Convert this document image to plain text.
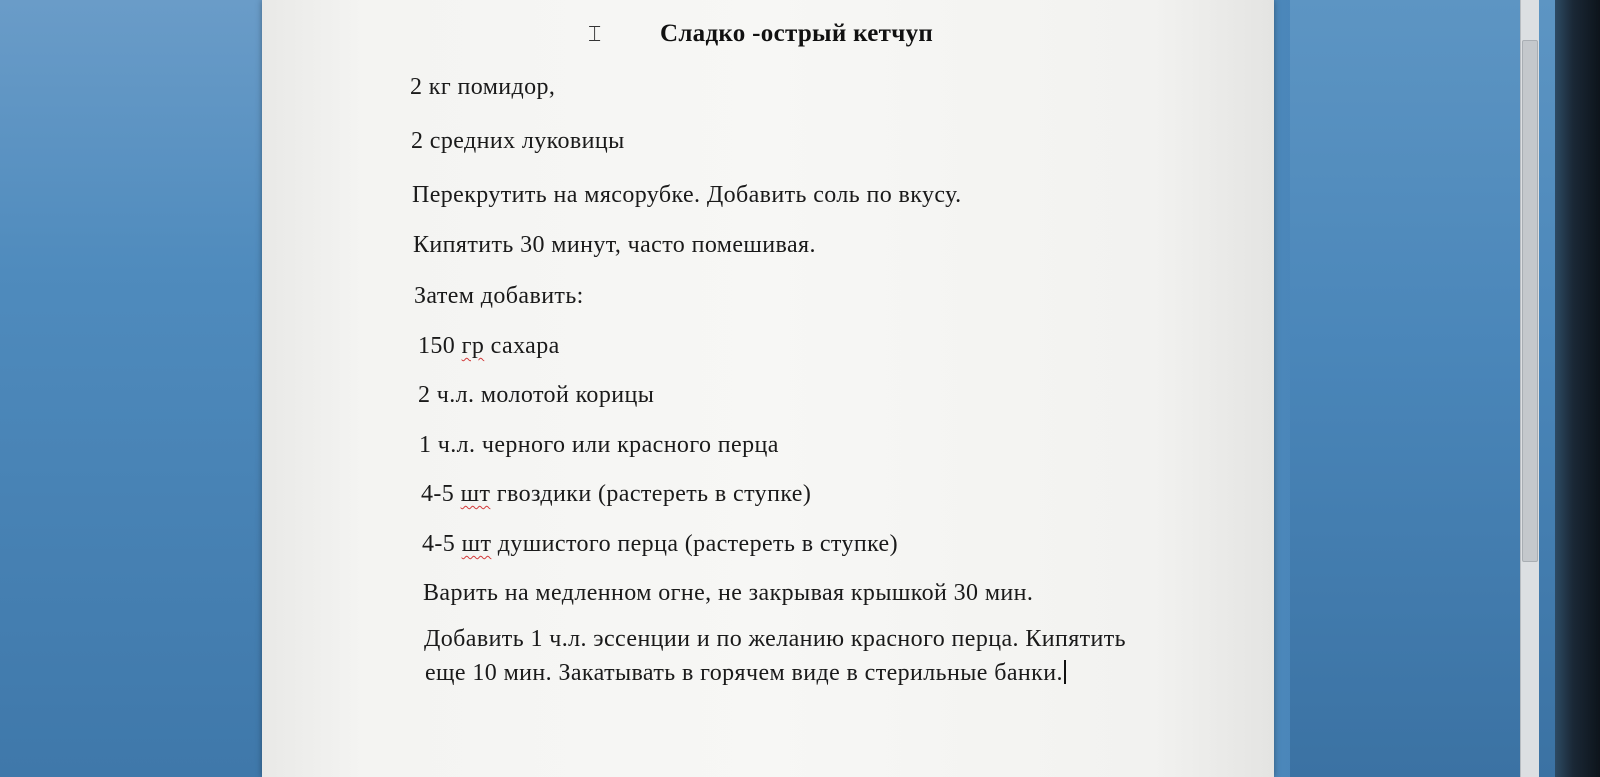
⌶ Сладко -острый кетчуп
2 кг помидор,
2 средних луковицы
Перекрутить на мясорубке. Добавить соль по вкусу.
Кипятить 30 минут, часто помешивая.
Затем добавить:
150 гр сахара
2 ч.л. молотой корицы
1 ч.л. черного или красного перца
4-5 шт гвоздики (растереть в ступке)
4-5 шт душистого перца (растереть в ступке)
Варить на медленном огне, не закрывая крышкой 30 мин.
Добавить 1 ч.л. эссенции и по желанию красного перца. Кипятить
еще 10 мин. Закатывать в горячем виде в стерильные банки.
